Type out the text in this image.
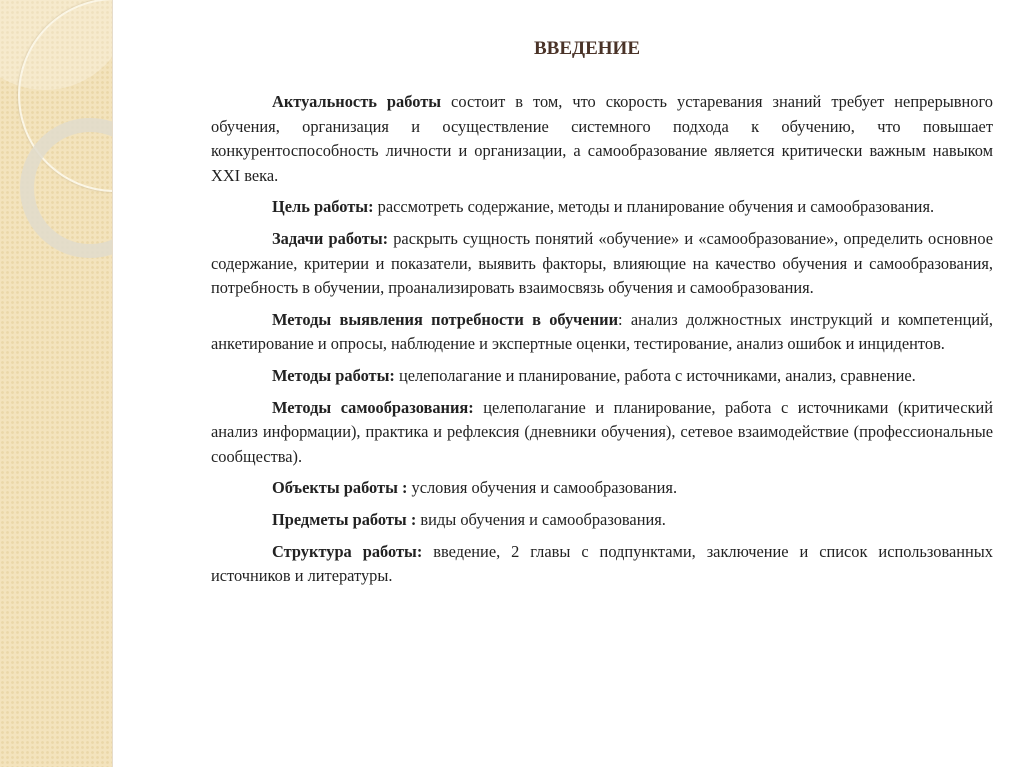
ВВЕДЕНИЕ

Актуальность работы состоит в том, что скорость устаревания знаний требует непрерывного обучения, организация и осуществление системного подхода к обучению, что повышает конкурентоспособность личности и организации, а самообразование является критически важным навыком XXI века.

Цель работы: рассмотреть содержание, методы и планирование обучения и самообразования.

Задачи работы: раскрыть сущность понятий «обучение» и «самообразование», определить основное содержание, критерии и показатели, выявить факторы, влияющие на качество обучения и самообразования, потребность в обучении, проанализировать взаимосвязь обучения и самообразования.

Методы выявления потребности в обучении: анализ должностных инструкций и компетенций, анкетирование и опросы, наблюдение и экспертные оценки, тестирование, анализ ошибок и инцидентов.

Методы работы: целеполагание и планирование, работа с источниками, анализ, сравнение.

Методы самообразования: целеполагание и планирование, работа с источниками (критический анализ информации), практика и рефлексия (дневники обучения), сетевое взаимодействие (профессиональные сообщества).

Объекты работы : условия обучения и самообразования.

Предметы работы : виды обучения и самообразования.

Структура работы: введение, 2 главы с подпунктами, заключение и список использованных источников и литературы.
